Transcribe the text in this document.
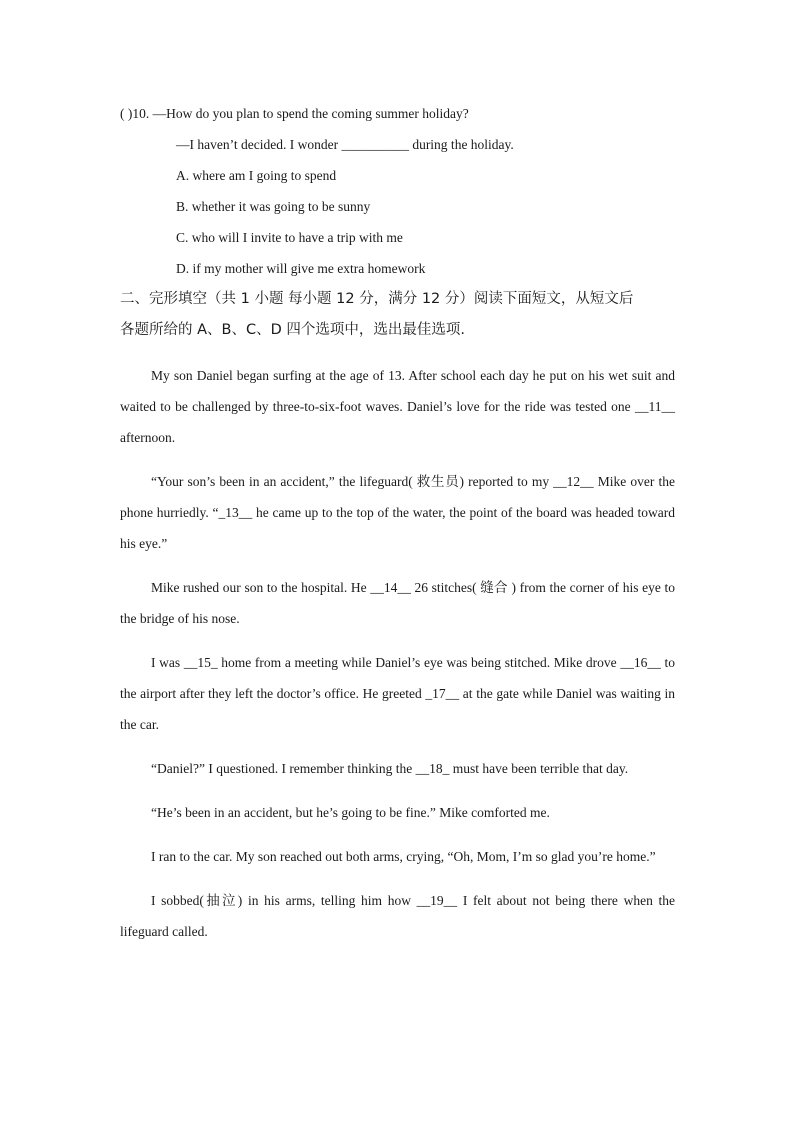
( )10. —How do you plan to spend the coming summer holiday?
—I haven’t decided. I wonder __________ during the holiday.
A. where am I going to spend
B. whether it was going to be sunny
C. who will I invite to have a trip with me
D. if my mother will give me extra homework
二、完形填空（共 1 小题 每小题 12 分，满分 12 分）阅读下面短文，从短文后
各题所给的 A、B、C、D 四个选项中，选出最佳选项.

My son Daniel began surfing at the age of 13. After school each day he put on his wet suit and waited to be challenged by three-to-six-foot waves. Daniel’s love for the ride was tested one __11__ afternoon.

“Your son’s been in an accident,” the lifeguard( 救生员) reported to my __12__ Mike over the phone hurriedly. “_13__ he came up to the top of the water, the point of the board was headed toward his eye.”

Mike rushed our son to the hospital. He __14__ 26 stitches( 缝合 ) from the corner of his eye to the bridge of his nose.

I was __15_ home from a meeting while Daniel’s eye was being stitched. Mike drove __16__ to the airport after they left the doctor’s office. He greeted _17__ at the gate while Daniel was waiting in the car.

“Daniel?” I questioned. I remember thinking the __18_ must have been terrible that day.

“He’s been in an accident, but he’s going to be fine.” Mike comforted me.

I ran to the car. My son reached out both arms, crying, “Oh, Mom, I’m so glad you’re home.”

I sobbed(抽泣) in his arms, telling him how __19__ I felt about not being there when the lifeguard called.
